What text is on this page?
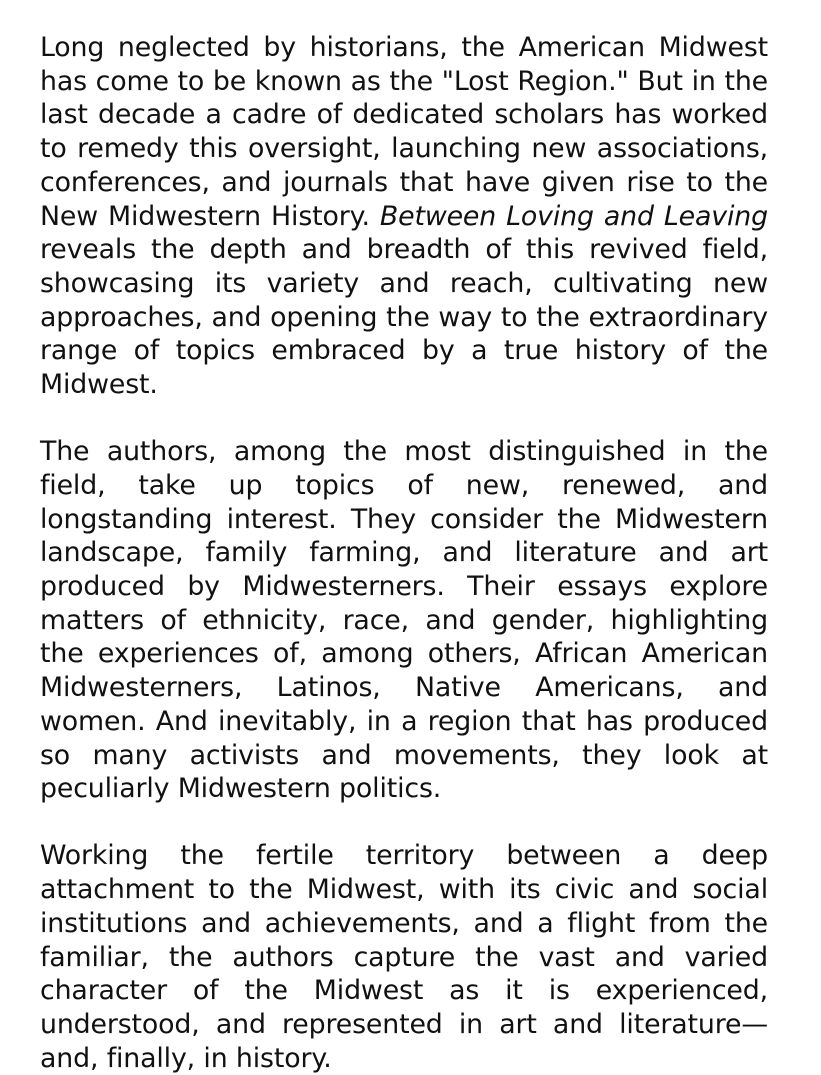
Long neglected by historians, the American Midwest has come to be known as the "Lost Region." But in the last decade a cadre of dedicated scholars has worked to remedy this oversight, launching new associations, conferences, and journals that have given rise to the New Midwestern History. Between Loving and Leaving reveals the depth and breadth of this revived field, showcasing its variety and reach, cultivating new approaches, and opening the way to the extraordinary range of topics embraced by a true history of the Midwest.

The authors, among the most distinguished in the field, take up topics of new, renewed, and longstanding interest. They consider the Midwestern landscape, family farming, and literature and art produced by Midwesterners. Their essays explore matters of ethnicity, race, and gender, highlighting the experiences of, among others, African American Midwesterners, Latinos, Native Americans, and women. And inevitably, in a region that has produced so many activists and movements, they look at peculiarly Midwestern politics.

Working the fertile territory between a deep attachment to the Midwest, with its civic and social institutions and achievements, and a flight from the familiar, the authors capture the vast and varied character of the Midwest as it is experienced, understood, and represented in art and literature—and, finally, in history.
